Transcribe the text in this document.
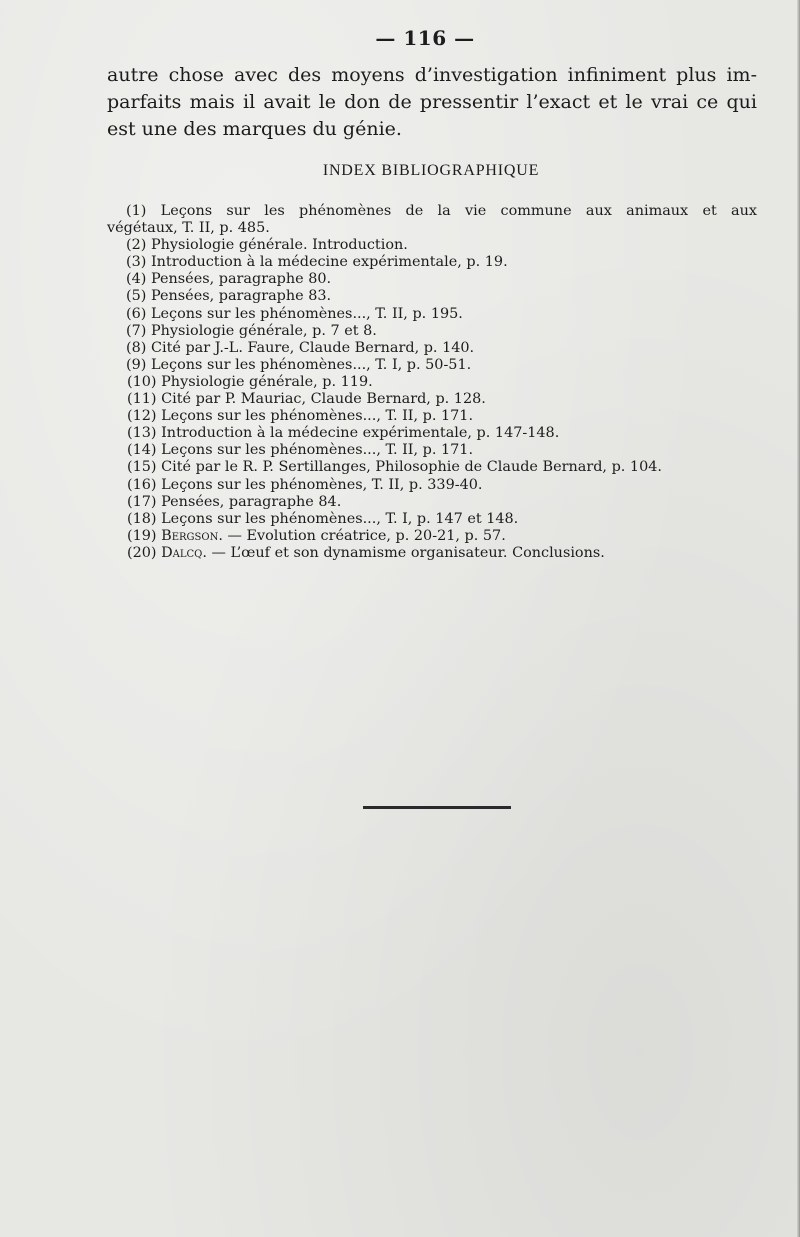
— 116 —
autre chose avec des moyens d’investigation infiniment plus im-
parfaits mais il avait le don de pressentir l’exact et le vrai ce qui
est une des marques du génie.
INDEX BIBLIOGRAPHIQUE
(1) Leçons sur les phénomènes de la vie commune aux animaux et aux
végétaux, T. II, p. 485.
(2) Physiologie générale. Introduction.
(3) Introduction à la médecine expérimentale, p. 19.
(4) Pensées, paragraphe 80.
(5) Pensées, paragraphe 83.
(6) Leçons sur les phénomènes..., T. II, p. 195.
(7) Physiologie générale, p. 7 et 8.
(8) Cité par J.-L. Faure, Claude Bernard, p. 140.
(9) Leçons sur les phénomènes..., T. I, p. 50-51.
(10) Physiologie générale, p. 119.
(11) Cité par P. Mauriac, Claude Bernard, p. 128.
(12) Leçons sur les phénomènes..., T. II, p. 171.
(13) Introduction à la médecine expérimentale, p. 147-148.
(14) Leçons sur les phénomènes..., T. II, p. 171.
(15) Cité par le R. P. Sertillanges, Philosophie de Claude Bernard, p. 104.
(16) Leçons sur les phénomènes, T. II, p. 339-40.
(17) Pensées, paragraphe 84.
(18) Leçons sur les phénomènes..., T. I, p. 147 et 148.
(19) Bergson. — Evolution créatrice, p. 20-21, p. 57.
(20) Dalcq. — L’œuf et son dynamisme organisateur. Conclusions.
